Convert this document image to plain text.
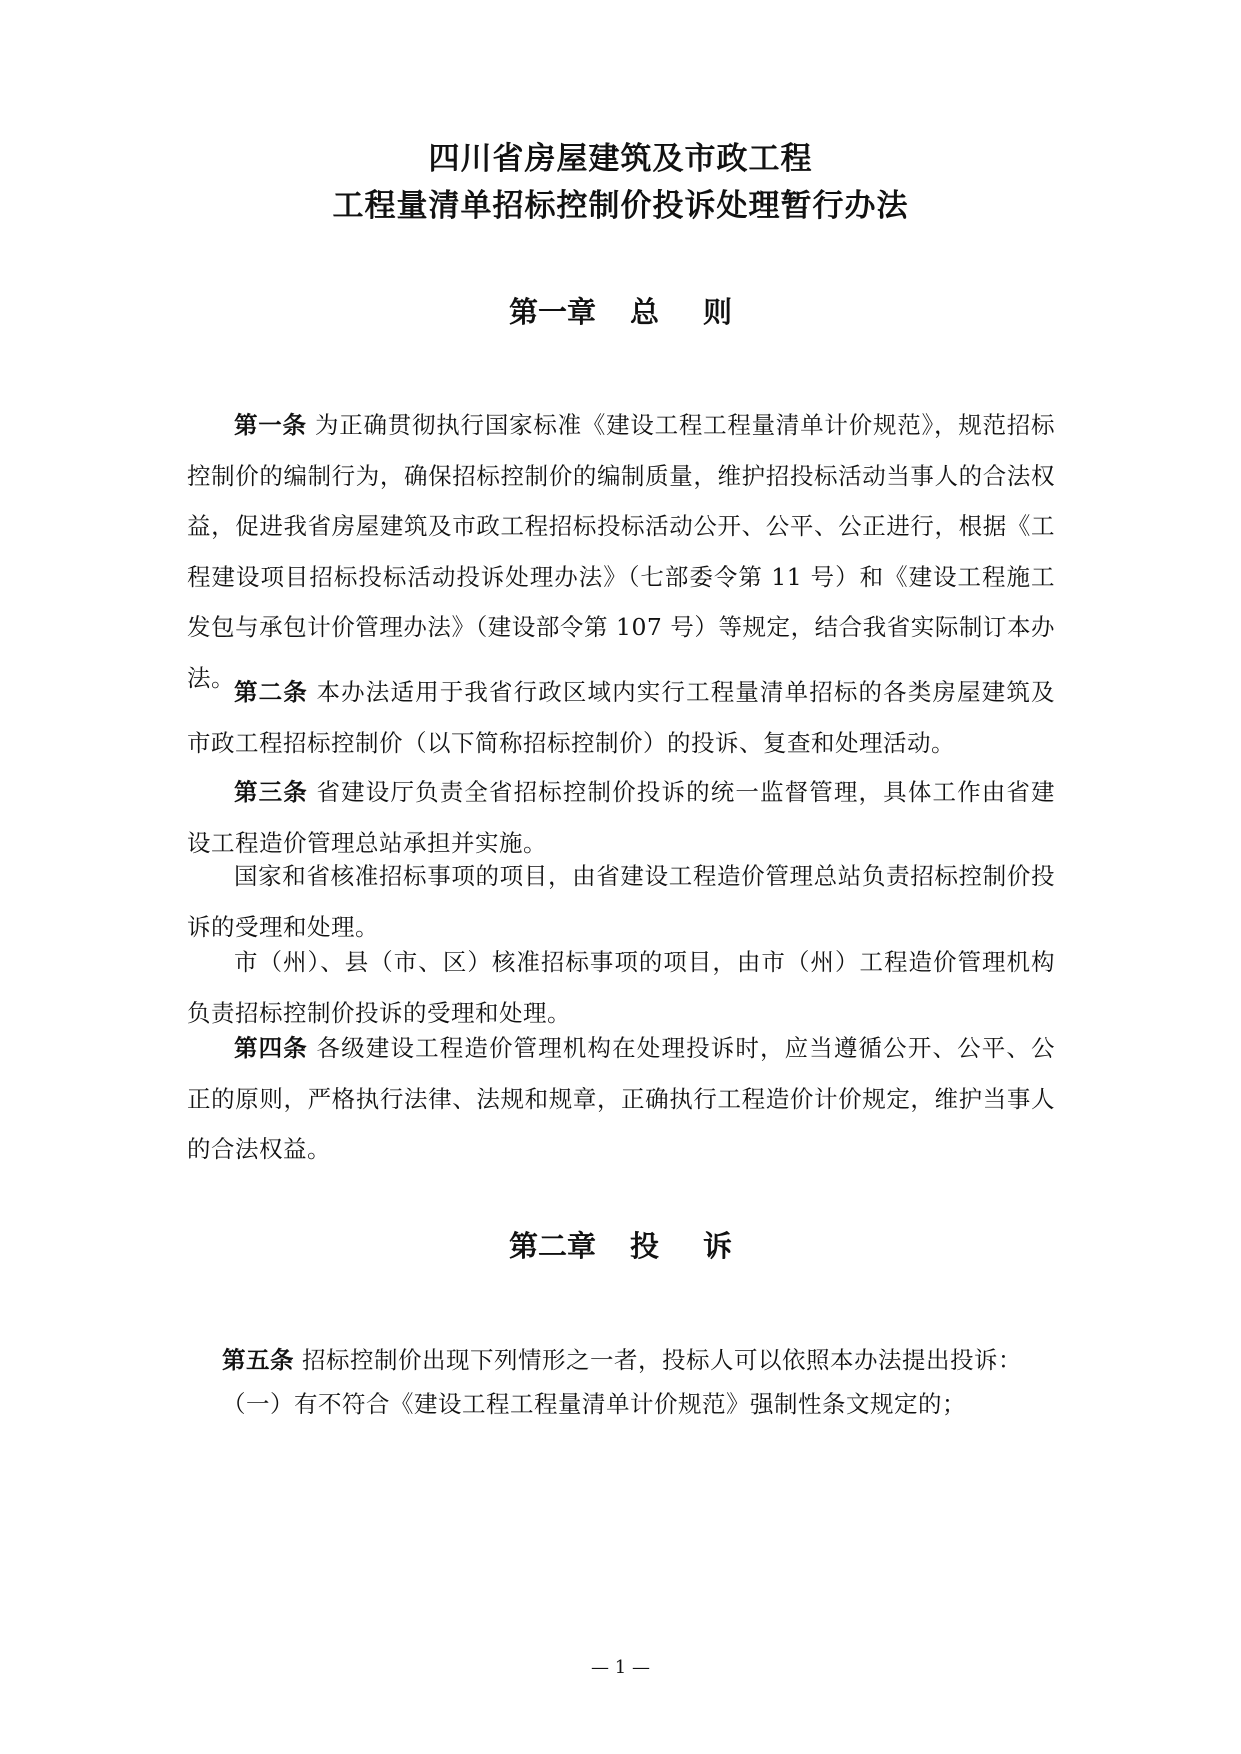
四川省房屋建筑及市政工程
工程量清单招标控制价投诉处理暂行办法
第一章 总 则
第一条 为正确贯彻执行国家标准《建设工程工程量清单计价规范》，规范招标控制价的编制行为，确保招标控制价的编制质量，维护招投标活动当事人的合法权益，促进我省房屋建筑及市政工程招标投标活动公开、公平、公正进行，根据《工程建设项目招标投标活动投诉处理办法》（七部委令第 11 号）和《建设工程施工发包与承包计价管理办法》（建设部令第 107 号）等规定，结合我省实际制订本办法。
第二条 本办法适用于我省行政区域内实行工程量清单招标的各类房屋建筑及市政工程招标控制价（以下简称招标控制价）的投诉、复查和处理活动。
第三条 省建设厅负责全省招标控制价投诉的统一监督管理，具体工作由省建设工程造价管理总站承担并实施。
国家和省核准招标事项的项目，由省建设工程造价管理总站负责招标控制价投诉的受理和处理。
市（州）、县（市、区）核准招标事项的项目，由市（州）工程造价管理机构负责招标控制价投诉的受理和处理。
第四条 各级建设工程造价管理机构在处理投诉时，应当遵循公开、公平、公正的原则，严格执行法律、法规和规章，正确执行工程造价计价规定，维护当事人的合法权益。
第二章 投 诉
第五条 招标控制价出现下列情形之一者，投标人可以依照本办法提出投诉：
（一）有不符合《建设工程工程量清单计价规范》强制性条文规定的；
— 1 —
